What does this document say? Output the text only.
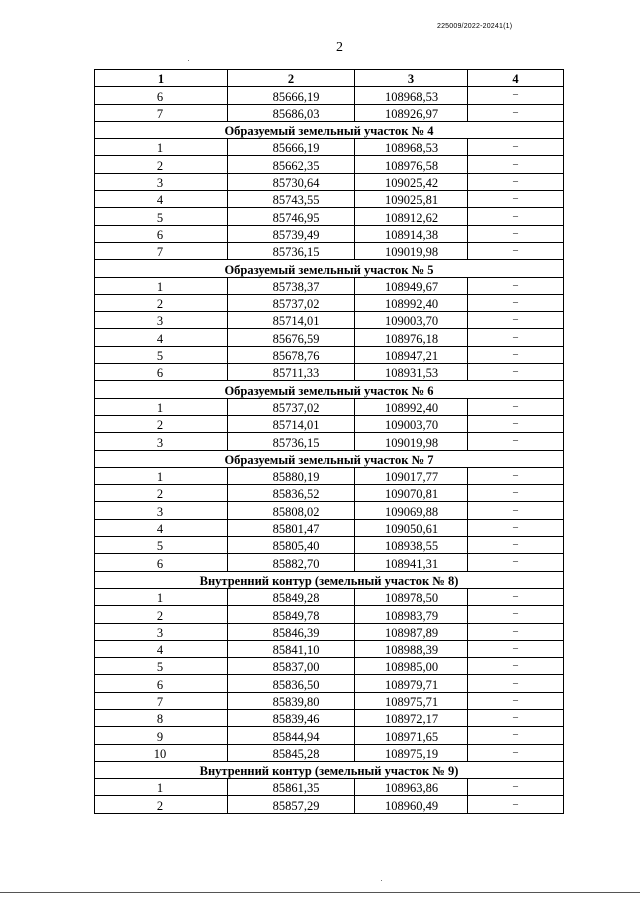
225009/2022-20241(1)
2
1	2	3	4
6	85666,19	108968,53	–
7	85686,03	108926,97	–
Образуемый земельный участок № 4			
1	85666,19	108968,53	–
2	85662,35	108976,58	–
3	85730,64	109025,42	–
4	85743,55	109025,81	–
5	85746,95	108912,62	–
6	85739,49	108914,38	–
7	85736,15	109019,98	–
Образуемый земельный участок № 5			
1	85738,37	108949,67	–
2	85737,02	108992,40	–
3	85714,01	109003,70	–
4	85676,59	108976,18	–
5	85678,76	108947,21	–
6	85711,33	108931,53	–
Образуемый земельный участок № 6			
1	85737,02	108992,40	–
2	85714,01	109003,70	–
3	85736,15	109019,98	–
Образуемый земельный участок № 7			
1	85880,19	109017,77	–
2	85836,52	109070,81	–
3	85808,02	109069,88	–
4	85801,47	109050,61	–
5	85805,40	108938,55	–
6	85882,70	108941,31	–
Внутренний контур (земельный участок № 8)			
1	85849,28	108978,50	–
2	85849,78	108983,79	–
3	85846,39	108987,89	–
4	85841,10	108988,39	–
5	85837,00	108985,00	–
6	85836,50	108979,71	–
7	85839,80	108975,71	–
8	85839,46	108972,17	–
9	85844,94	108971,65	–
10	85845,28	108975,19	–
Внутренний контур (земельный участок № 9)			
1	85861,35	108963,86	–
2	85857,29	108960,49	–
